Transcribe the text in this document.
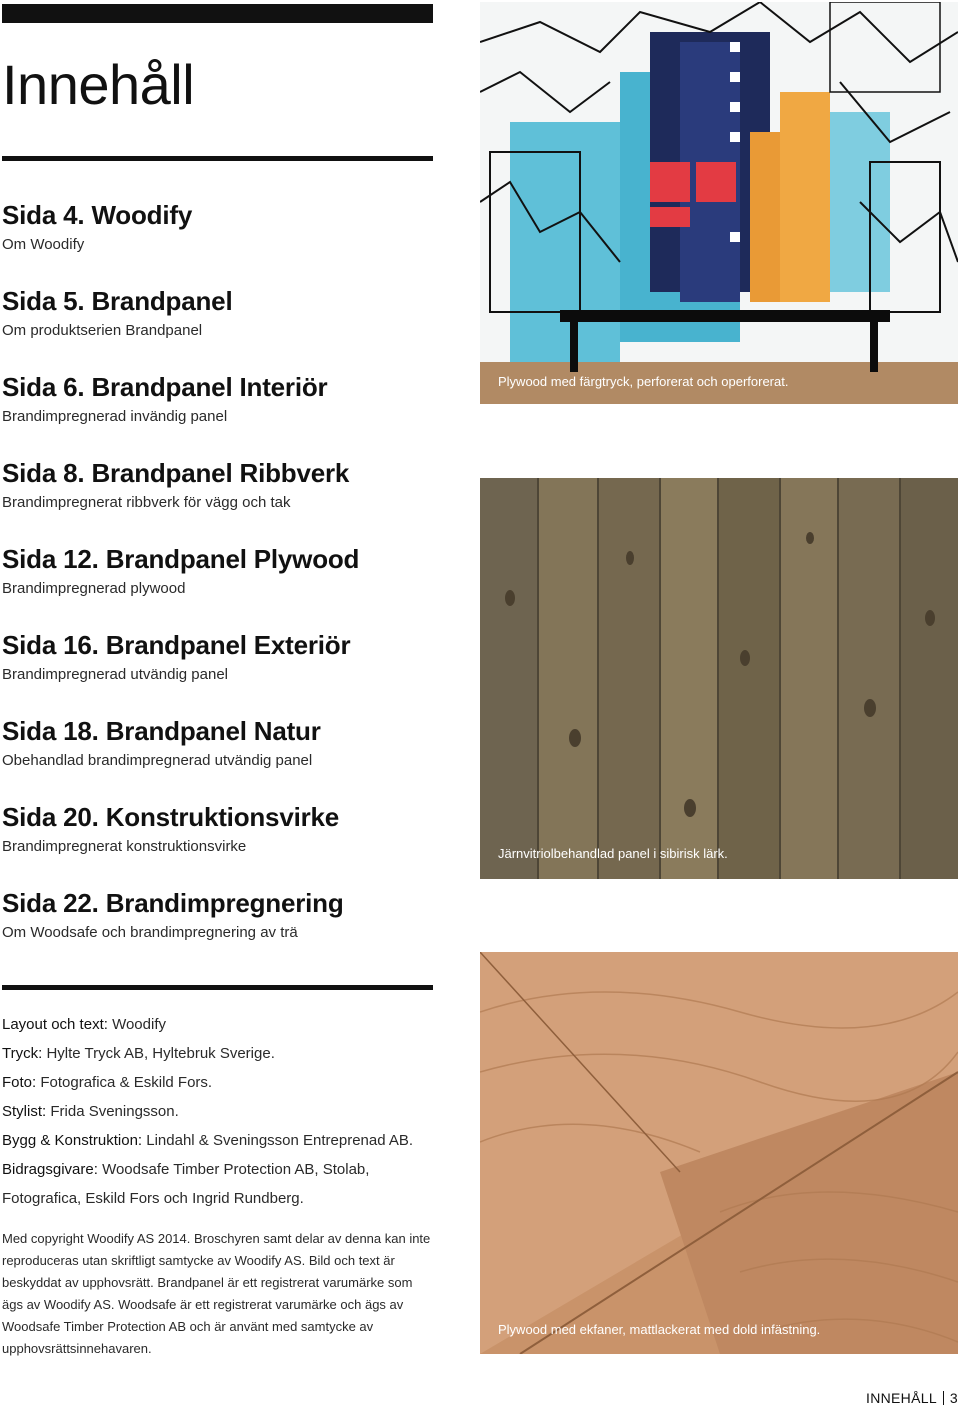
Innehåll
Sida 4. Woodify
Om Woodify
Sida 5. Brandpanel
Om produktserien Brandpanel
Sida 6. Brandpanel Interiör
Brandimpregnerad invändig panel
Sida 8. Brandpanel Ribbverk
Brandimpregnerat ribbverk för vägg och tak
Sida 12. Brandpanel Plywood
Brandimpregnerad plywood
Sida 16. Brandpanel Exteriör
Brandimpregnerad utvändig panel
Sida 18. Brandpanel Natur
Obehandlad brandimpregnerad utvändig panel
Sida 20. Konstruktionsvirke
Brandimpregnerat konstruktionsvirke
Sida 22. Brandimpregnering
Om Woodsafe och brandimpregnering av trä
Layout och text: Woodify
Tryck: Hylte Tryck AB, Hyltebruk Sverige.
Foto: Fotografica & Eskild Fors.
Stylist: Frida Sveningsson.
Bygg & Konstruktion: Lindahl & Sveningsson Entreprenad AB.
Bidragsgivare: Woodsafe Timber Protection AB, Stolab, Fotografica, Eskild Fors och Ingrid Rundberg.
Med copyright Woodify AS 2014. Broschyren samt delar av denna kan inte reproduceras utan skriftligt samtycke av Woodify AS. Bild och text är beskyddat av upphovsrätt. Brandpanel är ett registrerat varumärke som ägs av Woodify AS. Woodsafe är ett registrerat varumärke och ägs av Woodsafe Timber Protection AB och är använt med samtycke av upphovsrättsinnehavaren.
Plywood med färgtryck, perforerat och operforerat.
Järnvitriolbehandlad panel i sibirisk lärk.
Plywood med ekfaner, mattlackerat med dold infästning.
INNEHÅLL 3
